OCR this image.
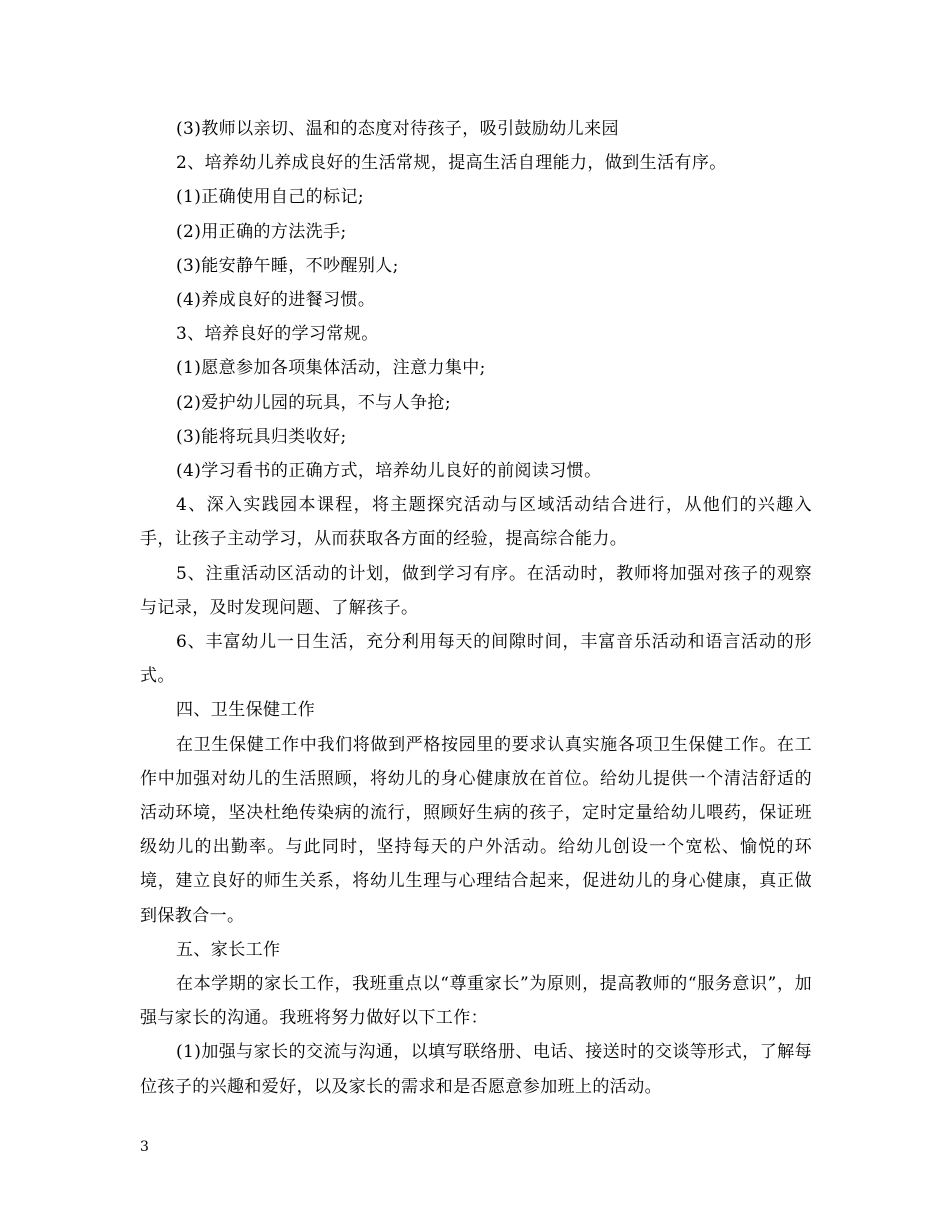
(3)教师以亲切、温和的态度对待孩子，吸引鼓励幼儿来园

2、培养幼儿养成良好的生活常规，提高生活自理能力，做到生活有序。

(1)正确使用自己的标记;

(2)用正确的方法洗手;

(3)能安静午睡，不吵醒别人;

(4)养成良好的进餐习惯。

3、培养良好的学习常规。

(1)愿意参加各项集体活动，注意力集中;

(2)爱护幼儿园的玩具，不与人争抢;

(3)能将玩具归类收好;

(4)学习看书的正确方式，培养幼儿良好的前阅读习惯。

4、深入实践园本课程，将主题探究活动与区域活动结合进行，从他们的兴趣入手，让孩子主动学习，从而获取各方面的经验，提高综合能力。

5、注重活动区活动的计划，做到学习有序。在活动时，教师将加强对孩子的观察与记录，及时发现问题、了解孩子。

6、丰富幼儿一日生活，充分利用每天的间隙时间，丰富音乐活动和语言活动的形式。

四、卫生保健工作

在卫生保健工作中我们将做到严格按园里的要求认真实施各项卫生保健工作。在工作中加强对幼儿的生活照顾，将幼儿的身心健康放在首位。给幼儿提供一个清洁舒适的活动环境，坚决杜绝传染病的流行，照顾好生病的孩子，定时定量给幼儿喂药，保证班级幼儿的出勤率。与此同时，坚持每天的户外活动。给幼儿创设一个宽松、愉悦的环境，建立良好的师生关系，将幼儿生理与心理结合起来，促进幼儿的身心健康，真正做到保教合一。

五、家长工作

在本学期的家长工作，我班重点以“尊重家长”为原则，提高教师的“服务意识”，加强与家长的沟通。我班将努力做好以下工作：

(1)加强与家长的交流与沟通，以填写联络册、电话、接送时的交谈等形式，了解每位孩子的兴趣和爱好，以及家长的需求和是否愿意参加班上的活动。

3
